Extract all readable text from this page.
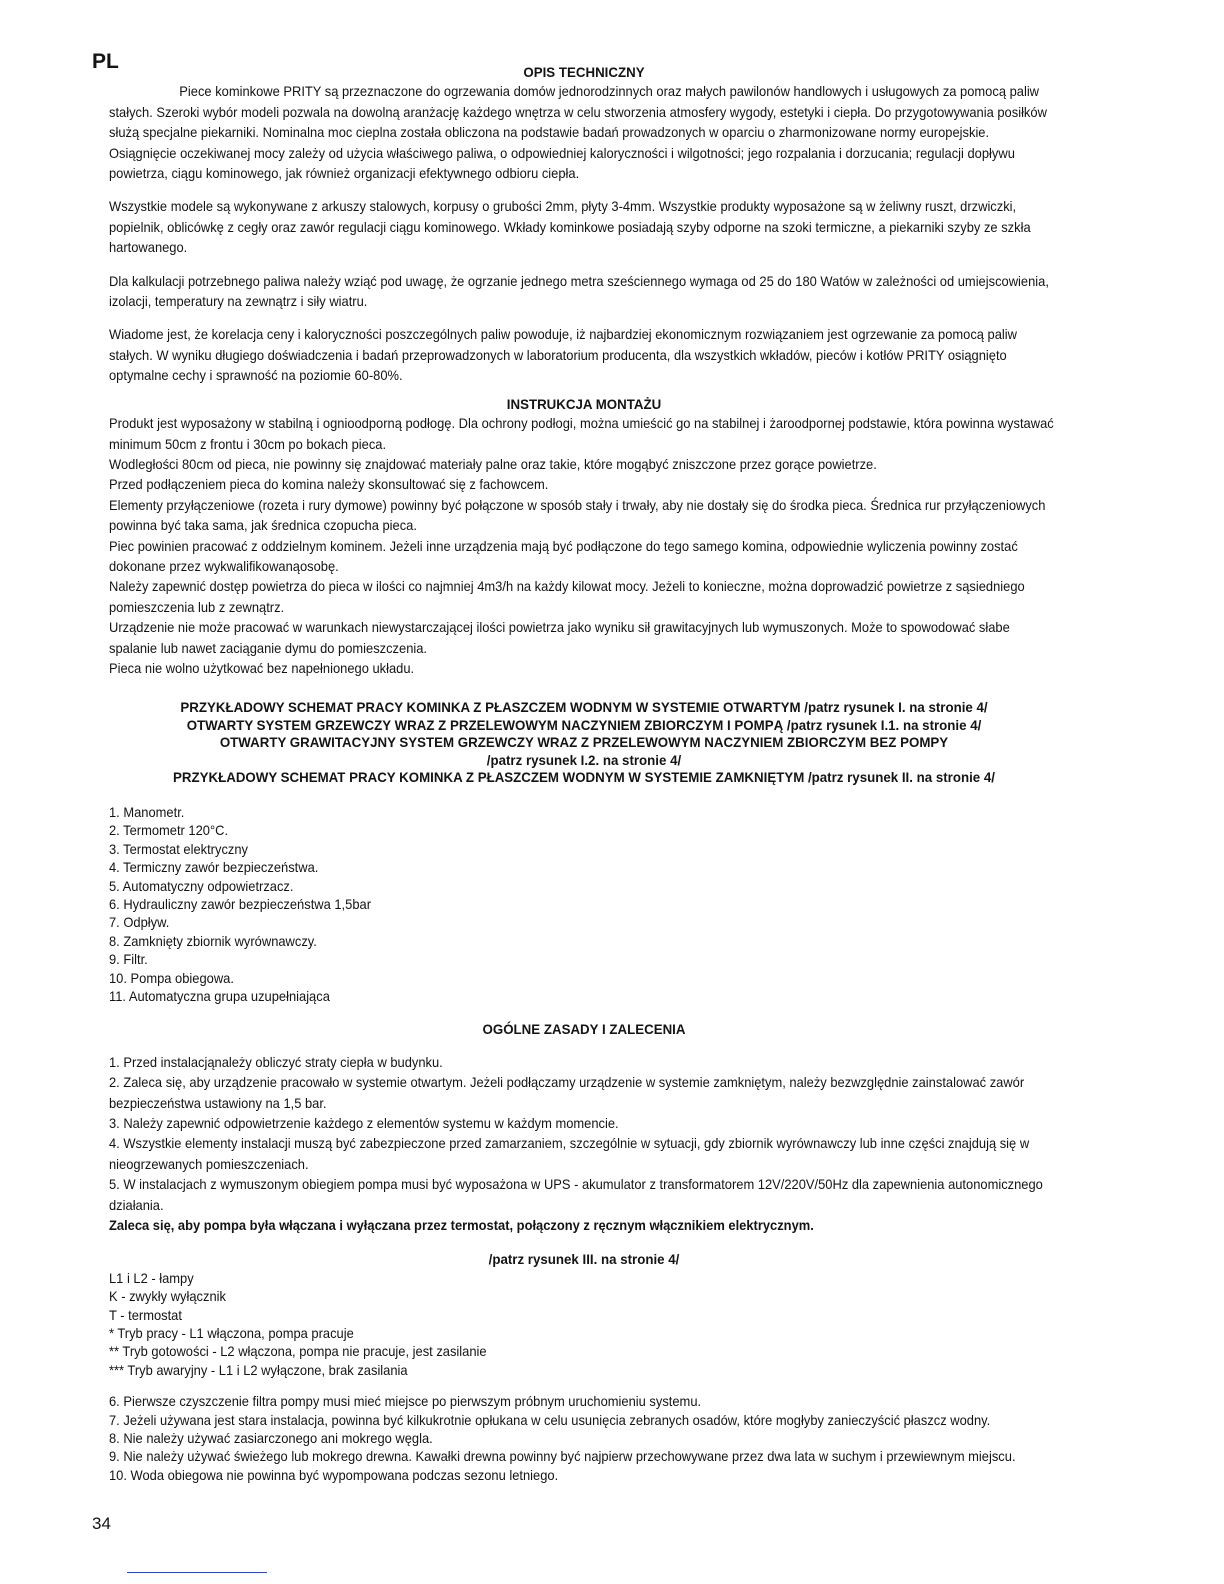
PL	OPIS TECHNICZNY

Piece kominkowe PRITY są przeznaczone do ogrzewania domów jednorodzinnych oraz małych pawilonów handlowych i usługowych za pomocą paliw stałych. Szeroki wybór modeli pozwala na dowolną aranżację każdego wnętrza w celu stworzenia atmosfery wygody, estetyki i ciepła. Do przygotowywania posiłków służą specjalne piekarniki. Nominalna moc cieplna została obliczona na podstawie badań prowadzonych w oparciu o zharmonizowane normy europejskie. Osiągnięcie oczekiwanej mocy zależy od użycia właściwego paliwa, o odpowiedniej kaloryczności i wilgotności; jego rozpalania i dorzucania; regulacji dopływu powietrza, ciągu kominowego, jak również organizacji efektywnego odbioru ciepła.

Wszystkie modele są wykonywane z arkuszy stalowych, korpusy o grubości 2mm, płyty 3-4mm. Wszystkie produkty wyposażone są w żeliwny ruszt, drzwiczki, popielnik, oblicówkę z cegły oraz zawór regulacji ciągu kominowego. Wkłady kominkowe posiadają szyby odporne na szoki termiczne, a piekarniki szyby ze szkła hartowanego.

Dla kalkulacji potrzebnego paliwa należy wziąć pod uwagę, że ogrzanie jednego metra sześciennego wymaga od 25 do 180 Watów w zależności od umiejscowienia, izolacji, temperatury na zewnątrz i siły wiatru.

Wiadome jest, że korelacja ceny i kaloryczności poszczególnych paliw powoduje, iż najbardziej ekonomicznym rozwiązaniem jest ogrzewanie za pomocą paliw stałych. W wyniku długiego doświadczenia i badań przeprowadzonych w laboratorium producenta, dla wszystkich wkładów, pieców i kotłów PRITY osiągnięto optymalne cechy i sprawność na poziomie 60-80%.

INSTRUKCJA MONTAŻU

Produkt jest wyposażony w stabilną i ognioodporną podłogę. Dla ochrony podłogi, można umieścić go na stabilnej i żaroodpornej podstawie, która powinna wystawać minimum 50cm z frontu i 30cm po bokach pieca.

Wodległości 80cm od pieca, nie powinny się znajdować materiały palne oraz takie, które mogąbyć zniszczone przez gorące powietrze.

Przed podłączeniem pieca do komina należy skonsultować się z fachowcem.

Elementy przyłączeniowe (rozeta i rury dymowe) powinny być połączone w sposób stały i trwały, aby nie dostały się do środka pieca. Średnica rur przyłączeniowych powinna być taka sama, jak średnica czopucha pieca.

Piec powinien pracować z oddzielnym kominem. Jeżeli inne urządzenia mają być podłączone do tego samego komina, odpowiednie wyliczenia powinny zostać dokonane przez wykwalifikowanąosobę.

Należy zapewnić dostęp powietrza do pieca w ilości co najmniej 4m3/h na każdy kilowat mocy. Jeżeli to konieczne, można doprowadzić powietrze z sąsiedniego pomieszczenia lub z zewnątrz.

Urządzenie nie może pracować w warunkach niewystarczającej ilości powietrza jako wyniku sił grawitacyjnych lub wymuszonych. Może to spowodować słabe spalanie lub nawet zaciąganie dymu do pomieszczenia.

Pieca nie wolno użytkować bez napełnionego układu.

PRZYKŁADOWY SCHEMAT PRACY KOMINKA Z PŁASZCZEM WODNYM W SYSTEMIE OTWARTYM /patrz rysunek I. na stronie 4/

OTWARTY SYSTEM GRZEWCZY WRAZ Z PRZELEWOWYM NACZYNIEM ZBIORCZYM I POMPĄ /patrz rysunek I.1. na stronie 4/

OTWARTY GRAWITACYJNY SYSTEM GRZEWCZY WRAZ Z PRZELEWOWYM NACZYNIEM ZBIORCZYM BEZ POMPY

/patrz rysunek I.2. na stronie 4/

PRZYKŁADOWY SCHEMAT PRACY KOMINKA Z PŁASZCZEM WODNYM W SYSTEMIE ZAMKNIĘTYM /patrz rysunek II. na stronie 4/

1. Manometr.

2. Termometr 120°C.

3. Termostat elektryczny

4. Termiczny zawór bezpieczeństwa.

5. Automatyczny odpowietrzacz.

6. Hydrauliczny zawór bezpieczeństwa 1,5bar

7. Odpływ.

8. Zamknięty zbiornik wyrównawczy.

9. Filtr.

10. Pompa obiegowa.

11. Automatyczna grupa uzupełniająca

OGÓLNE ZASADY I ZALECENIA

1. Przed instalacjąnależy obliczyć straty ciepła w budynku.

2. Zaleca się, aby urządzenie pracowało w systemie otwartym. Jeżeli podłączamy urządzenie w systemie zamkniętym, należy bezwzględnie zainstalować zawór bezpieczeństwa ustawiony na 1,5 bar.

3. Należy zapewnić odpowietrzenie każdego z elementów systemu w każdym momencie.

4. Wszystkie elementy instalacji muszą być zabezpieczone przed zamarzaniem, szczególnie w sytuacji, gdy zbiornik wyrównawczy lub inne części znajdują się w nieogrzewanych pomieszczeniach.

5. W instalacjach z wymuszonym obiegiem pompa musi być wyposażona w UPS - akumulator z transformatorem 12V/220V/50Hz dla zapewnienia autonomicznego działania.

Zaleca się, aby pompa była włączana i wyłączana przez termostat, połączony z ręcznym włącznikiem elektrycznym.

/patrz rysunek III. na stronie 4/

L1 i L2 - łampy

K - zwykły wyłącznik

T - termostat

* Tryb pracy - L1 włączona, pompa pracuje

** Tryb gotowości - L2 włączona, pompa nie pracuje, jest zasilanie

*** Tryb awaryjny - L1 i L2 wyłączone, brak zasilania

6. Pierwsze czyszczenie filtra pompy musi mieć miejsce po pierwszym próbnym uruchomieniu systemu.

7. Jeżeli używana jest stara instalacja, powinna być kilkukrotnie opłukana w celu usunięcia zebranych osadów, które mogłyby zanieczyścić płaszcz wodny.

8. Nie należy używać zasiarczonego ani mokrego węgla.

9. Nie należy używać świeżego lub mokrego drewna. Kawałki drewna powinny być najpierw przechowywane przez dwa lata w suchym i przewiewnym miejscu.

10. Woda obiegowa nie powinna być wypompowana podczas sezonu letniego.

34
